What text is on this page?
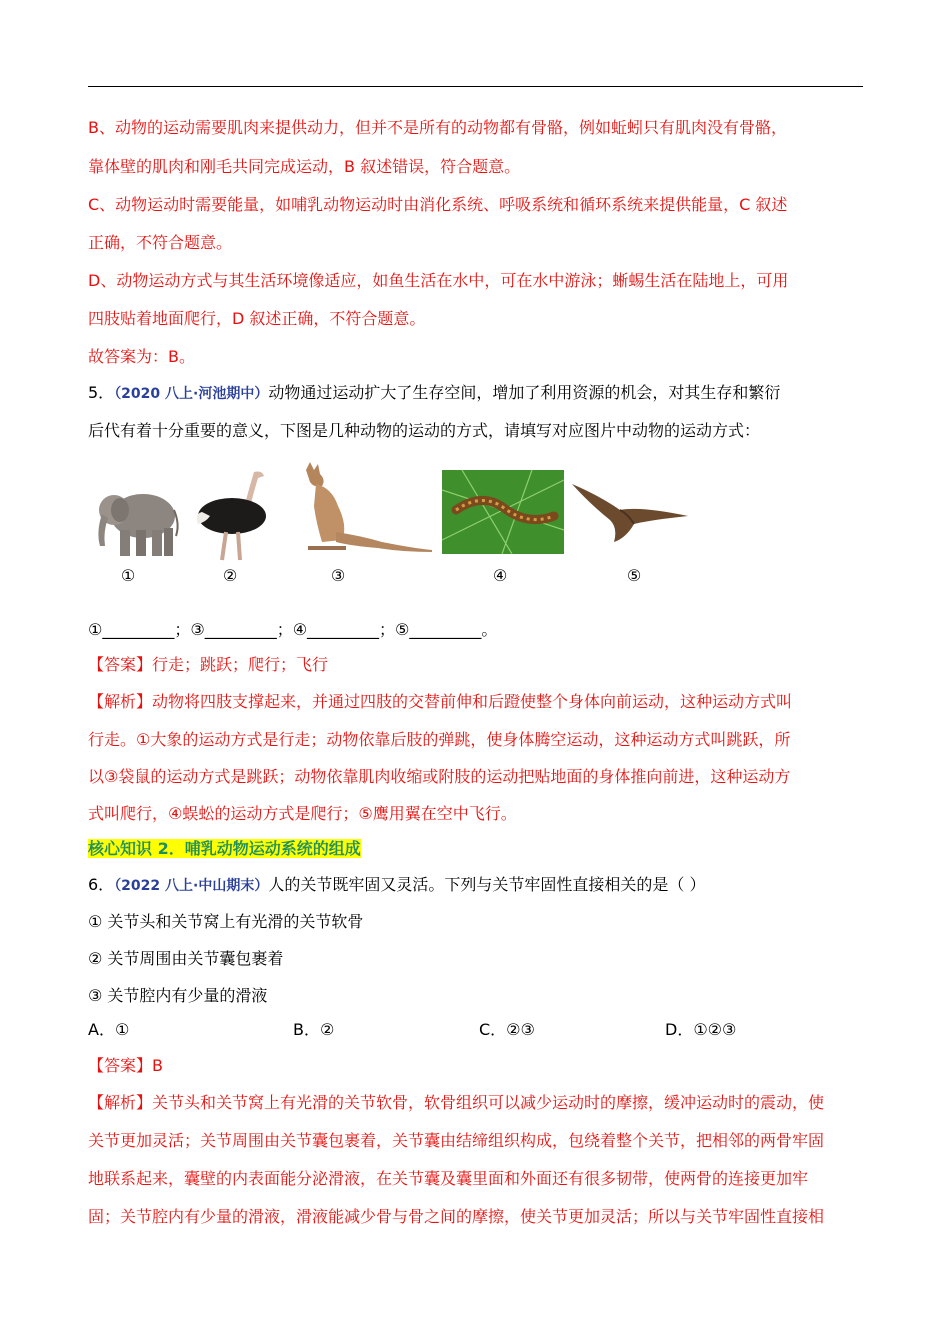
B、动物的运动需要肌肉来提供动力，但并不是所有的动物都有骨骼，例如蚯蚓只有肌肉没有骨骼，
靠体壁的肌肉和刚毛共同完成运动，B 叙述错误，符合题意。
C、动物运动时需要能量，如哺乳动物运动时由消化系统、呼吸系统和循环系统来提供能量，C 叙述
正确，不符合题意。
D、动物运动方式与其生活环境像适应，如鱼生活在水中，可在水中游泳；蜥蜴生活在陆地上，可用
四肢贴着地面爬行，D 叙述正确，不符合题意。
故答案为：B。
5．（2020 八上·河池期中）动物通过运动扩大了生存空间，增加了利用资源的机会，对其生存和繁衍
后代有着十分重要的意义，下图是几种动物的运动的方式，请填写对应图片中动物的运动方式：
①	②	③	④	⑤
①_________；③_________；④_________；⑤_________。
【答案】行走；跳跃；爬行；飞行
【解析】动物将四肢支撑起来，并通过四肢的交替前伸和后蹬使整个身体向前运动，这种运动方式叫
行走。①大象的运动方式是行走；动物依靠后肢的弹跳，使身体腾空运动，这种运动方式叫跳跃，所
以③袋鼠的运动方式是跳跃；动物依靠肌肉收缩或附肢的运动把贴地面的身体推向前进，这种运动方
式叫爬行，④蜈蚣的运动方式是爬行；⑤鹰用翼在空中飞行。
核心知识 2．哺乳动物运动系统的组成
6．（2022 八上·中山期末）人的关节既牢固又灵活。下列与关节牢固性直接相关的是（ ）
① 关节头和关节窝上有光滑的关节软骨
② 关节周围由关节囊包裹着
③ 关节腔内有少量的滑液
A．①	B．②	C．②③	D．①②③
【答案】B
【解析】关节头和关节窝上有光滑的关节软骨，软骨组织可以减少运动时的摩擦，缓冲运动时的震动，使
关节更加灵活；关节周围由关节囊包裹着，关节囊由结缔组织构成，包绕着整个关节，把相邻的两骨牢固
地联系起来，囊壁的内表面能分泌滑液，在关节囊及囊里面和外面还有很多韧带，使两骨的连接更加牢
固；关节腔内有少量的滑液，滑液能减少骨与骨之间的摩擦，使关节更加灵活；所以与关节牢固性直接相
